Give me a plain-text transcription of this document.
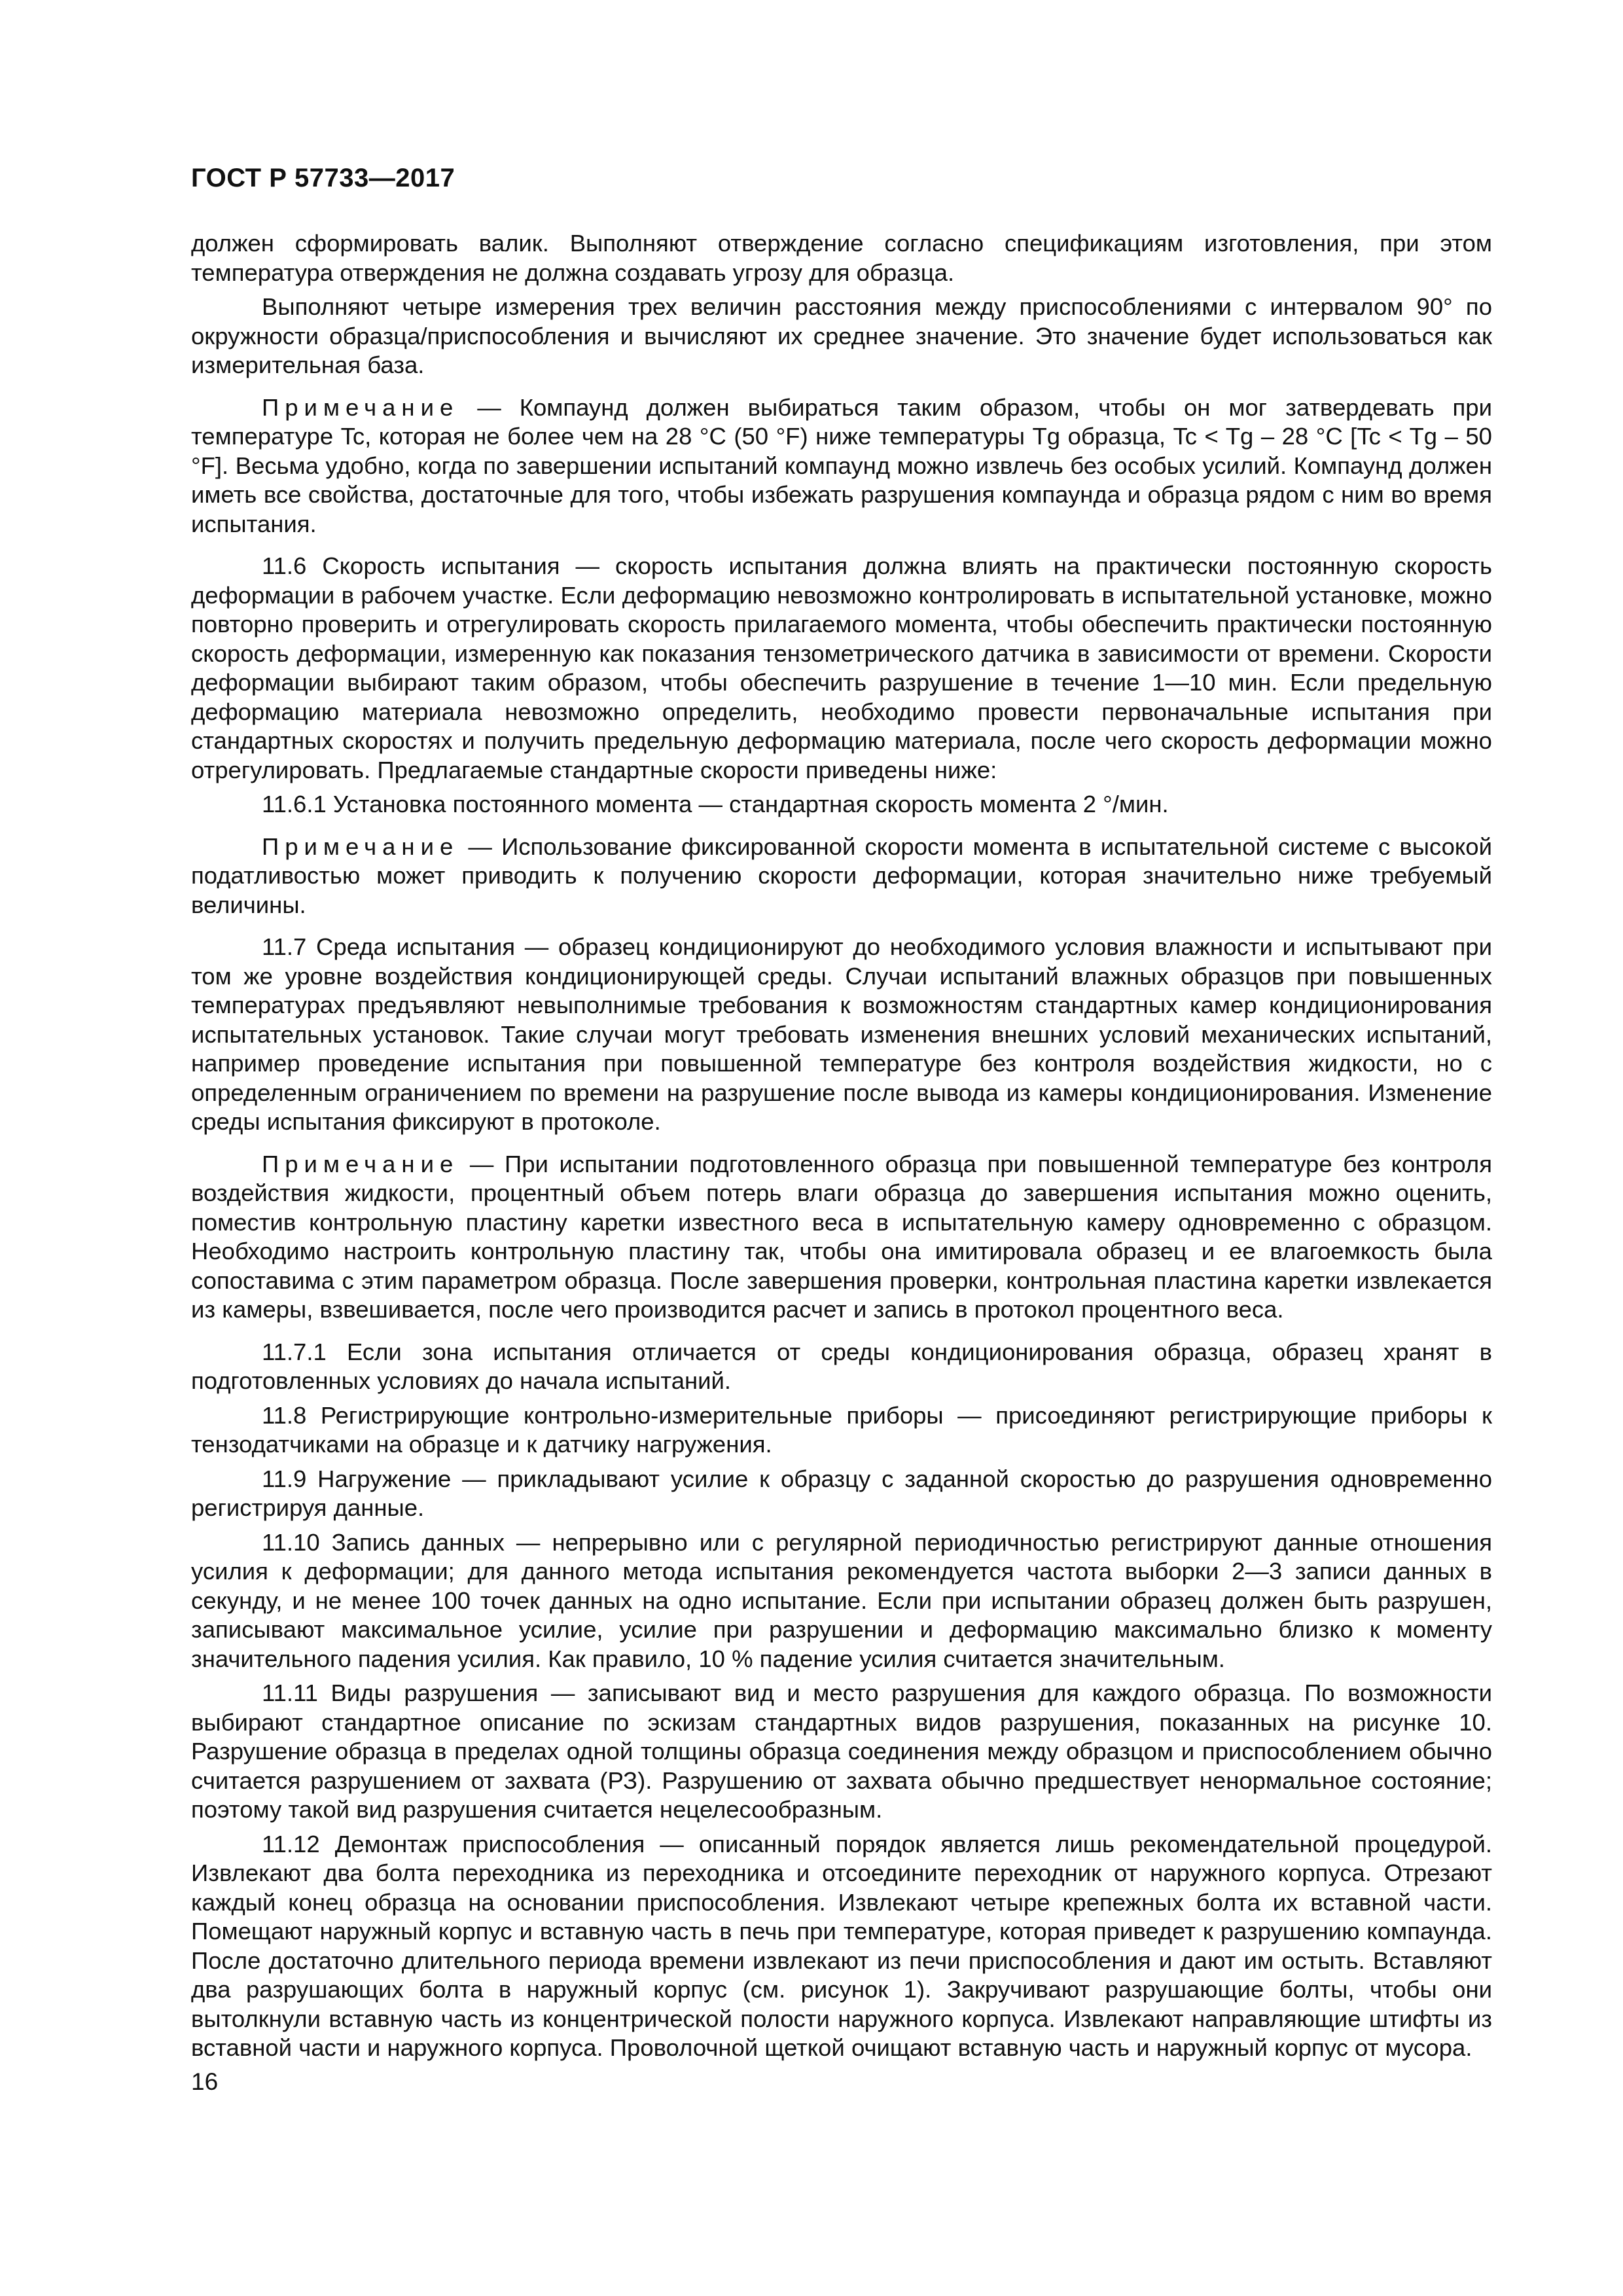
ГОСТ Р 57733—2017

должен сформировать валик. Выполняют отверждение согласно спецификациям изготовления, при этом температура отверждения не должна создавать угрозу для образца.

Выполняют четыре измерения трех величин расстояния между приспособлениями с интервалом 90° по окружности образца/приспособления и вычисляют их среднее значение. Это значение будет использоваться как измерительная база.

Примечание — Компаунд должен выбираться таким образом, чтобы он мог затвердевать при температуре Tc, которая не более чем на 28 °С (50 °F) ниже температуры Tg образца, Tc < Tg – 28 °C [Tc < Tg – 50 °F]. Весьма удобно, когда по завершении испытаний компаунд можно извлечь без особых усилий. Компаунд должен иметь все свойства, достаточные для того, чтобы избежать разрушения компаунда и образца рядом с ним во время испытания.

11.6 Скорость испытания — скорость испытания должна влиять на практически постоянную скорость деформации в рабочем участке. Если деформацию невозможно контролировать в испытательной установке, можно повторно проверить и отрегулировать скорость прилагаемого момента, чтобы обеспечить практически постоянную скорость деформации, измеренную как показания тензометрического датчика в зависимости от времени. Скорости деформации выбирают таким образом, чтобы обеспечить разрушение в течение 1—10 мин. Если предельную деформацию материала невозможно определить, необходимо провести первоначальные испытания при стандартных скоростях и получить предельную деформацию материала, после чего скорость деформации можно отрегулировать. Предлагаемые стандартные скорости приведены ниже:

11.6.1 Установка постоянного момента — стандартная скорость момента 2 °/мин.

Примечание — Использование фиксированной скорости момента в испытательной системе с высокой податливостью может приводить к получению скорости деформации, которая значительно ниже требуемый величины.

11.7 Среда испытания — образец кондиционируют до необходимого условия влажности и испытывают при том же уровне воздействия кондиционирующей среды. Случаи испытаний влажных образцов при повышенных температурах предъявляют невыполнимые требования к возможностям стандартных камер кондиционирования испытательных установок. Такие случаи могут требовать изменения внешних условий механических испытаний, например проведение испытания при повышенной температуре без контроля воздействия жидкости, но с определенным ограничением по времени на разрушение после вывода из камеры кондиционирования. Изменение среды испытания фиксируют в протоколе.

Примечание — При испытании подготовленного образца при повышенной температуре без контроля воздействия жидкости, процентный объем потерь влаги образца до завершения испытания можно оценить, поместив контрольную пластину каретки известного веса в испытательную камеру одновременно с образцом. Необходимо настроить контрольную пластину так, чтобы она имитировала образец и ее влагоемкость была сопоставима с этим параметром образца. После завершения проверки, контрольная пластина каретки извлекается из камеры, взвешивается, после чего производится расчет и запись в протокол процентного веса.

11.7.1 Если зона испытания отличается от среды кондиционирования образца, образец хранят в подготовленных условиях до начала испытаний.

11.8 Регистрирующие контрольно-измерительные приборы — присоединяют регистрирующие приборы к тензодатчиками на образце и к датчику нагружения.

11.9 Нагружение — прикладывают усилие к образцу с заданной скоростью до разрушения одновременно регистрируя данные.

11.10 Запись данных — непрерывно или с регулярной периодичностью регистрируют данные отношения усилия к деформации; для данного метода испытания рекомендуется частота выборки 2—3 записи данных в секунду, и не менее 100 точек данных на одно испытание. Если при испытании образец должен быть разрушен, записывают максимальное усилие, усилие при разрушении и деформацию максимально близко к моменту значительного падения усилия. Как правило, 10 % падение усилия считается значительным.

11.11 Виды разрушения — записывают вид и место разрушения для каждого образца. По возможности выбирают стандартное описание по эскизам стандартных видов разрушения, показанных на рисунке 10. Разрушение образца в пределах одной толщины образца соединения между образцом и приспособлением обычно считается разрушением от захвата (РЗ). Разрушению от захвата обычно предшествует ненормальное состояние; поэтому такой вид разрушения считается нецелесообразным.

11.12 Демонтаж приспособления — описанный порядок является лишь рекомендательной процедурой. Извлекают два болта переходника из переходника и отсоедините переходник от наружного корпуса. Отрезают каждый конец образца на основании приспособления. Извлекают четыре крепежных болта их вставной части. Помещают наружный корпус и вставную часть в печь при температуре, которая приведет к разрушению компаунда. После достаточно длительного периода времени извлекают из печи приспособления и дают им остыть. Вставляют два разрушающих болта в наружный корпус (см. рисунок 1). Закручивают разрушающие болты, чтобы они вытолкнули вставную часть из концентрической полости наружного корпуса. Извлекают направляющие штифты из вставной части и наружного корпуса. Проволочной щеткой очищают вставную часть и наружный корпус от мусора.

16
